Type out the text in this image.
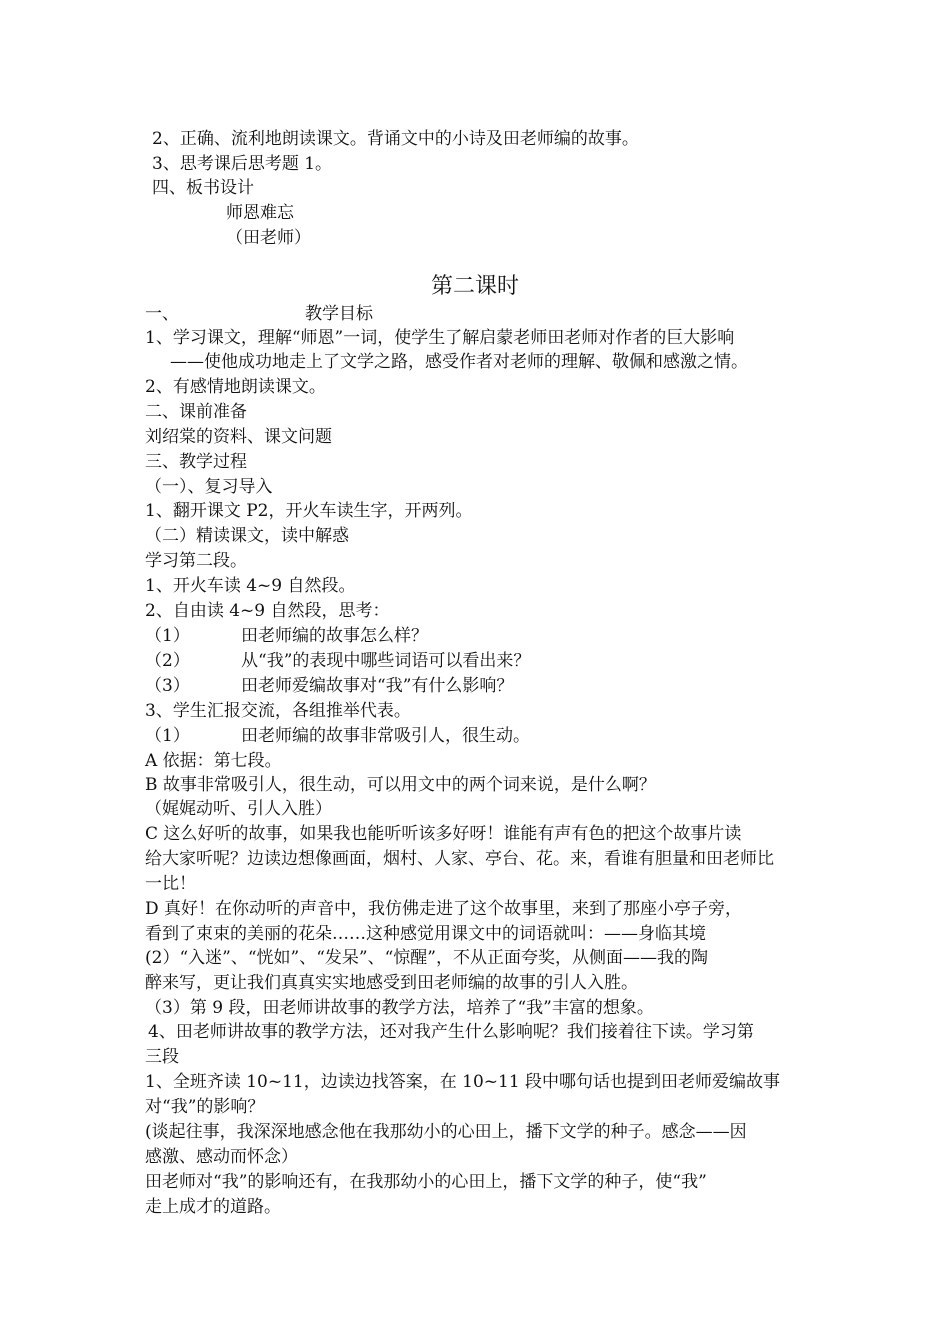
2、正确、流利地朗读课文。背诵文中的小诗及田老师编的故事。
3、思考课后思考题 1。
四、板书设计
师恩难忘
（田老师）
第二课时
一、	教学目标
1、学习课文，理解“师恩”一词，使学生了解启蒙老师田老师对作者的巨大影响
——使他成功地走上了文学之路，感受作者对老师的理解、敬佩和感激之情。
2、有感情地朗读课文。
二、课前准备
刘绍棠的资料、课文问题
三、教学过程
（一）、复习导入
1、翻开课文 P2，开火车读生字，开两列。
（二）精读课文，读中解惑
学习第二段。
1、开火车读 4~9 自然段。
2、自由读 4~9 自然段，思考：
（1）	田老师编的故事怎么样？
（2）	从“我”的表现中哪些词语可以看出来？
（3）	田老师爱编故事对“我”有什么影响？
3、学生汇报交流，各组推举代表。
（1）	田老师编的故事非常吸引人，很生动。
A 依据：第七段。
B 故事非常吸引人，很生动，可以用文中的两个词来说，是什么啊？
（娓娓动听、引人入胜）
C 这么好听的故事，如果我也能听听该多好呀！谁能有声有色的把这个故事片读
给大家听呢？边读边想像画面，烟村、人家、亭台、花。来，看谁有胆量和田老师比
一比！
D 真好！在你动听的声音中，我仿佛走进了这个故事里，来到了那座小亭子旁，
看到了束束的美丽的花朵……这种感觉用课文中的词语就叫：——身临其境
(2）“入迷”、“恍如”、“发呆”、“惊醒”，不从正面夸奖，从侧面——我的陶
醉来写，更让我们真真实实地感受到田老师编的故事的引人入胜。
（3）第 9 段，田老师讲故事的教学方法，培养了“我”丰富的想象。
4、田老师讲故事的教学方法，还对我产生什么影响呢？我们接着往下读。学习第
三段
1、全班齐读 10~11，边读边找答案，在 10~11 段中哪句话也提到田老师爱编故事
对“我”的影响？
(谈起往事，我深深地感念他在我那幼小的心田上，播下文学的种子。感念——因
感激、感动而怀念）
田老师对“我”的影响还有，在我那幼小的心田上，播下文学的种子，使“我”
走上成才的道路。
